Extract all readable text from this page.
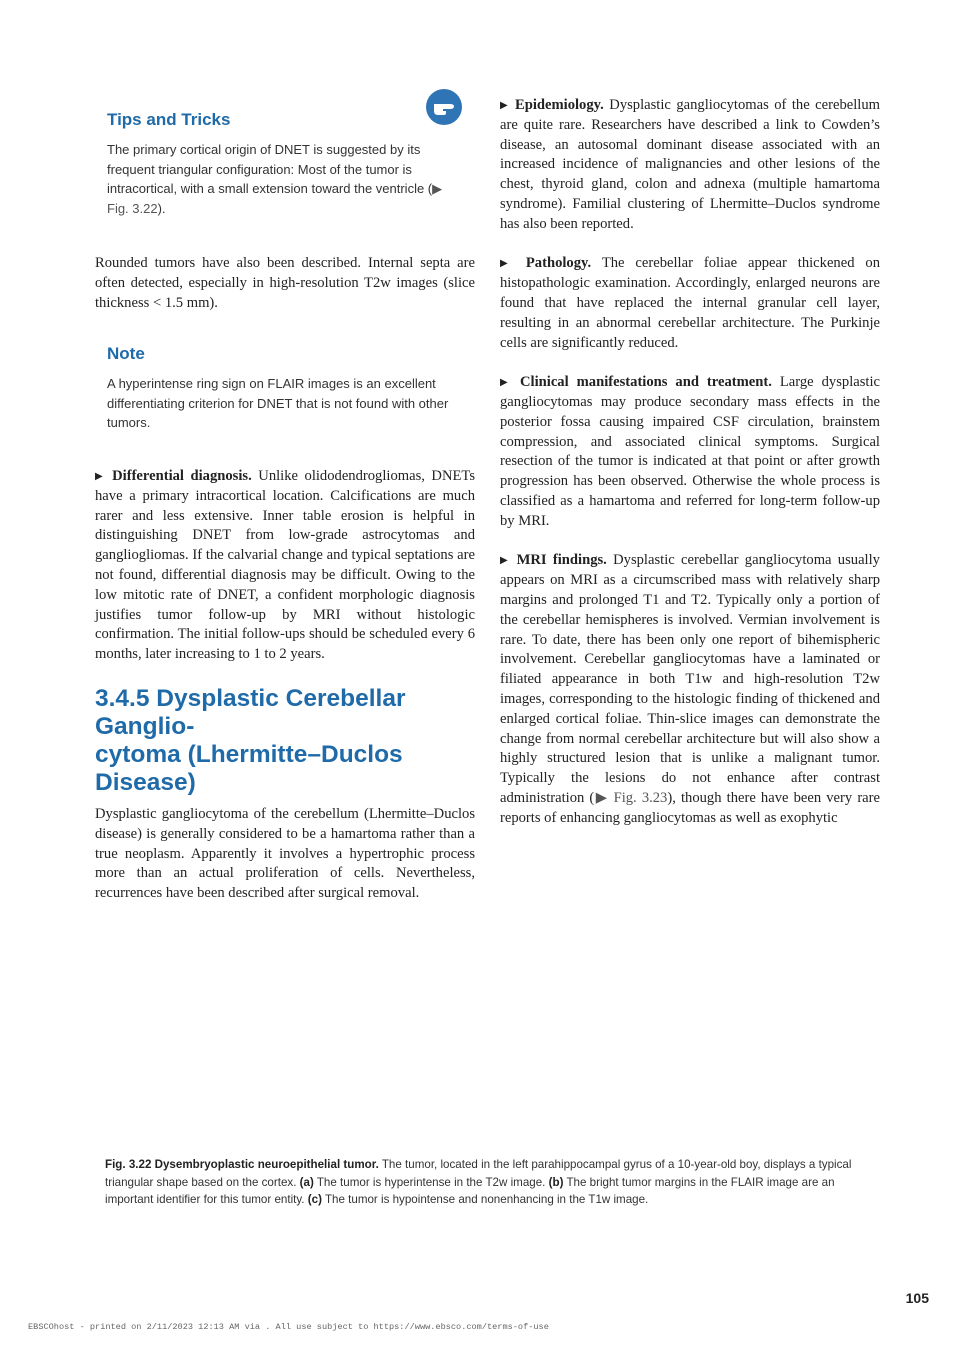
Tips and Tricks

The primary cortical origin of DNET is suggested by its frequent triangular configuration: Most of the tumor is intracortical, with a small extension toward the ventricle (▶ Fig. 3.22).

Rounded tumors have also been described. Internal septa are often detected, especially in high-resolution T2w images (slice thickness < 1.5 mm).

Note

A hyperintense ring sign on FLAIR images is an excellent differentiating criterion for DNET that is not found with other tumors.

▶ Differential diagnosis. Unlike olidodendrogliomas, DNETs have a primary intracortical location. Calcifications are much rarer and less extensive. Inner table erosion is helpful in distinguishing DNET from low-grade astrocytomas and gangliogliomas. If the calvarial change and typical septations are not found, differential diagnosis may be difficult. Owing to the low mitotic rate of DNET, a confident morphologic diagnosis justifies tumor follow-up by MRI without histologic confirmation. The initial follow-ups should be scheduled every 6 months, later increasing to 1 to 2 years.

3.4.5 Dysplastic Cerebellar Ganglio-
cytoma (Lhermitte–Duclos Disease)

Dysplastic gangliocytoma of the cerebellum (Lhermitte–Duclos disease) is generally considered to be a hamartoma rather than a true neoplasm. Apparently it involves a hypertrophic process more than an actual proliferation of cells. Nevertheless, recurrences have been described after surgical removal.

▶ Epidemiology. Dysplastic gangliocytomas of the cerebellum are quite rare. Researchers have described a link to Cowden’s disease, an autosomal dominant disease associated with an increased incidence of malignancies and other lesions of the chest, thyroid gland, colon and adnexa (multiple hamartoma syndrome). Familial clustering of Lhermitte–Duclos syndrome has also been reported.

▶ Pathology. The cerebellar foliae appear thickened on histopathologic examination. Accordingly, enlarged neurons are found that have replaced the internal granular cell layer, resulting in an abnormal cerebellar architecture. The Purkinje cells are significantly reduced.

▶ Clinical manifestations and treatment. Large dysplastic gangliocytomas may produce secondary mass effects in the posterior fossa causing impaired CSF circulation, brainstem compression, and associated clinical symptoms. Surgical resection of the tumor is indicated at that point or after growth progression has been observed. Otherwise the whole process is classified as a hamartoma and referred for long-term follow-up by MRI.

▶ MRI findings. Dysplastic cerebellar gangliocytoma usually appears on MRI as a circumscribed mass with relatively sharp margins and prolonged T1 and T2. Typically only a portion of the cerebellar hemispheres is involved. Vermian involvement is rare. To date, there has been only one report of bihemispheric involvement. Cerebellar gangliocytomas have a laminated or filiated appearance in both T1w and high-resolution T2w images, corresponding to the histologic finding of thickened and enlarged cortical foliae. Thin-slice images can demonstrate the change from normal cerebellar architecture but will also show a highly structured lesion that is unlike a malignant tumor. Typically the lesions do not enhance after contrast administration (▶ Fig. 3.23), though there have been very rare reports of enhancing gangliocytomas as well as exophytic

Fig. 3.22 Dysembryoplastic neuroepithelial tumor. The tumor, located in the left parahippocampal gyrus of a 10-year-old boy, displays a typical triangular shape based on the cortex. (a) The tumor is hyperintense in the T2w image. (b) The bright tumor margins in the FLAIR image are an important identifier for this tumor entity. (c) The tumor is hypointense and nonenhancing in the T1w image.

105
EBSCOhost - printed on 2/11/2023 12:13 AM via . All use subject to https://www.ebsco.com/terms-of-use
